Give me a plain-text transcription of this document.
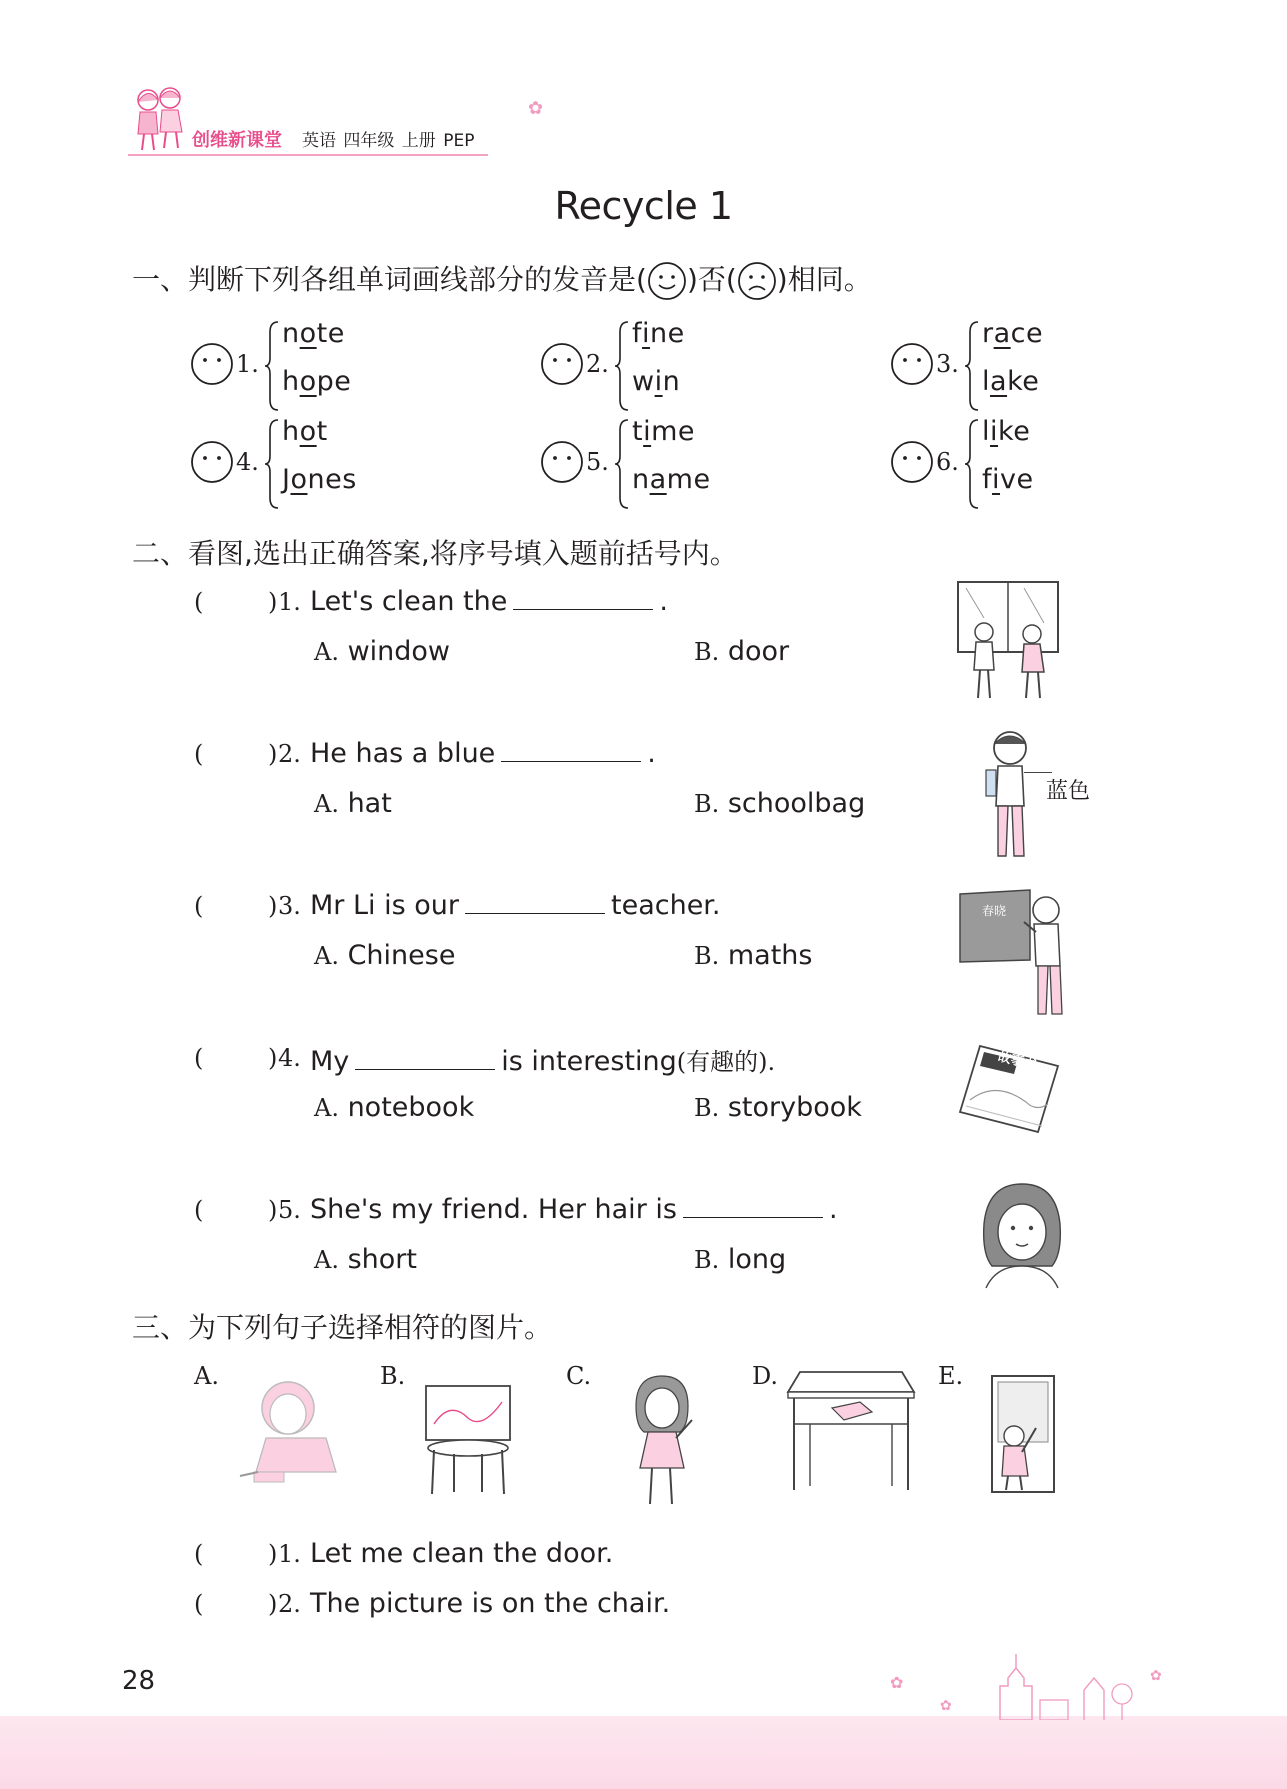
创维新课堂 英语 四年级 上册 PEP
✿
Recycle 1
一、判断下列各组单词画线部分的发音是( )否( )相同。
1.
note
hope
2.
fine
win
3.
race
lake
4.
hot
Jones
5.
time
name
6.
like
five
二、看图,选出正确答案,将序号填入题前括号内。
(	) 1. Let's clean the	.
A. window	B. door
(	) 2. He has a blue	.
A. hat	B. schoolbag
(	) 3. Mr Li is our	teacher.
A. Chinese	B. maths
(	) 4. My	is interesting(有趣的).
A. notebook	B. storybook
(	) 5. She's my friend. Her hair is	.
A. short	B. long
蓝色
春晓
故事书
三、为下列句子选择相符的图片。
A.	B.	C.	D.	E.
(	) 1. Let me clean the door.
(	) 2. The picture is on the chair.
28	✿
✿
✿
